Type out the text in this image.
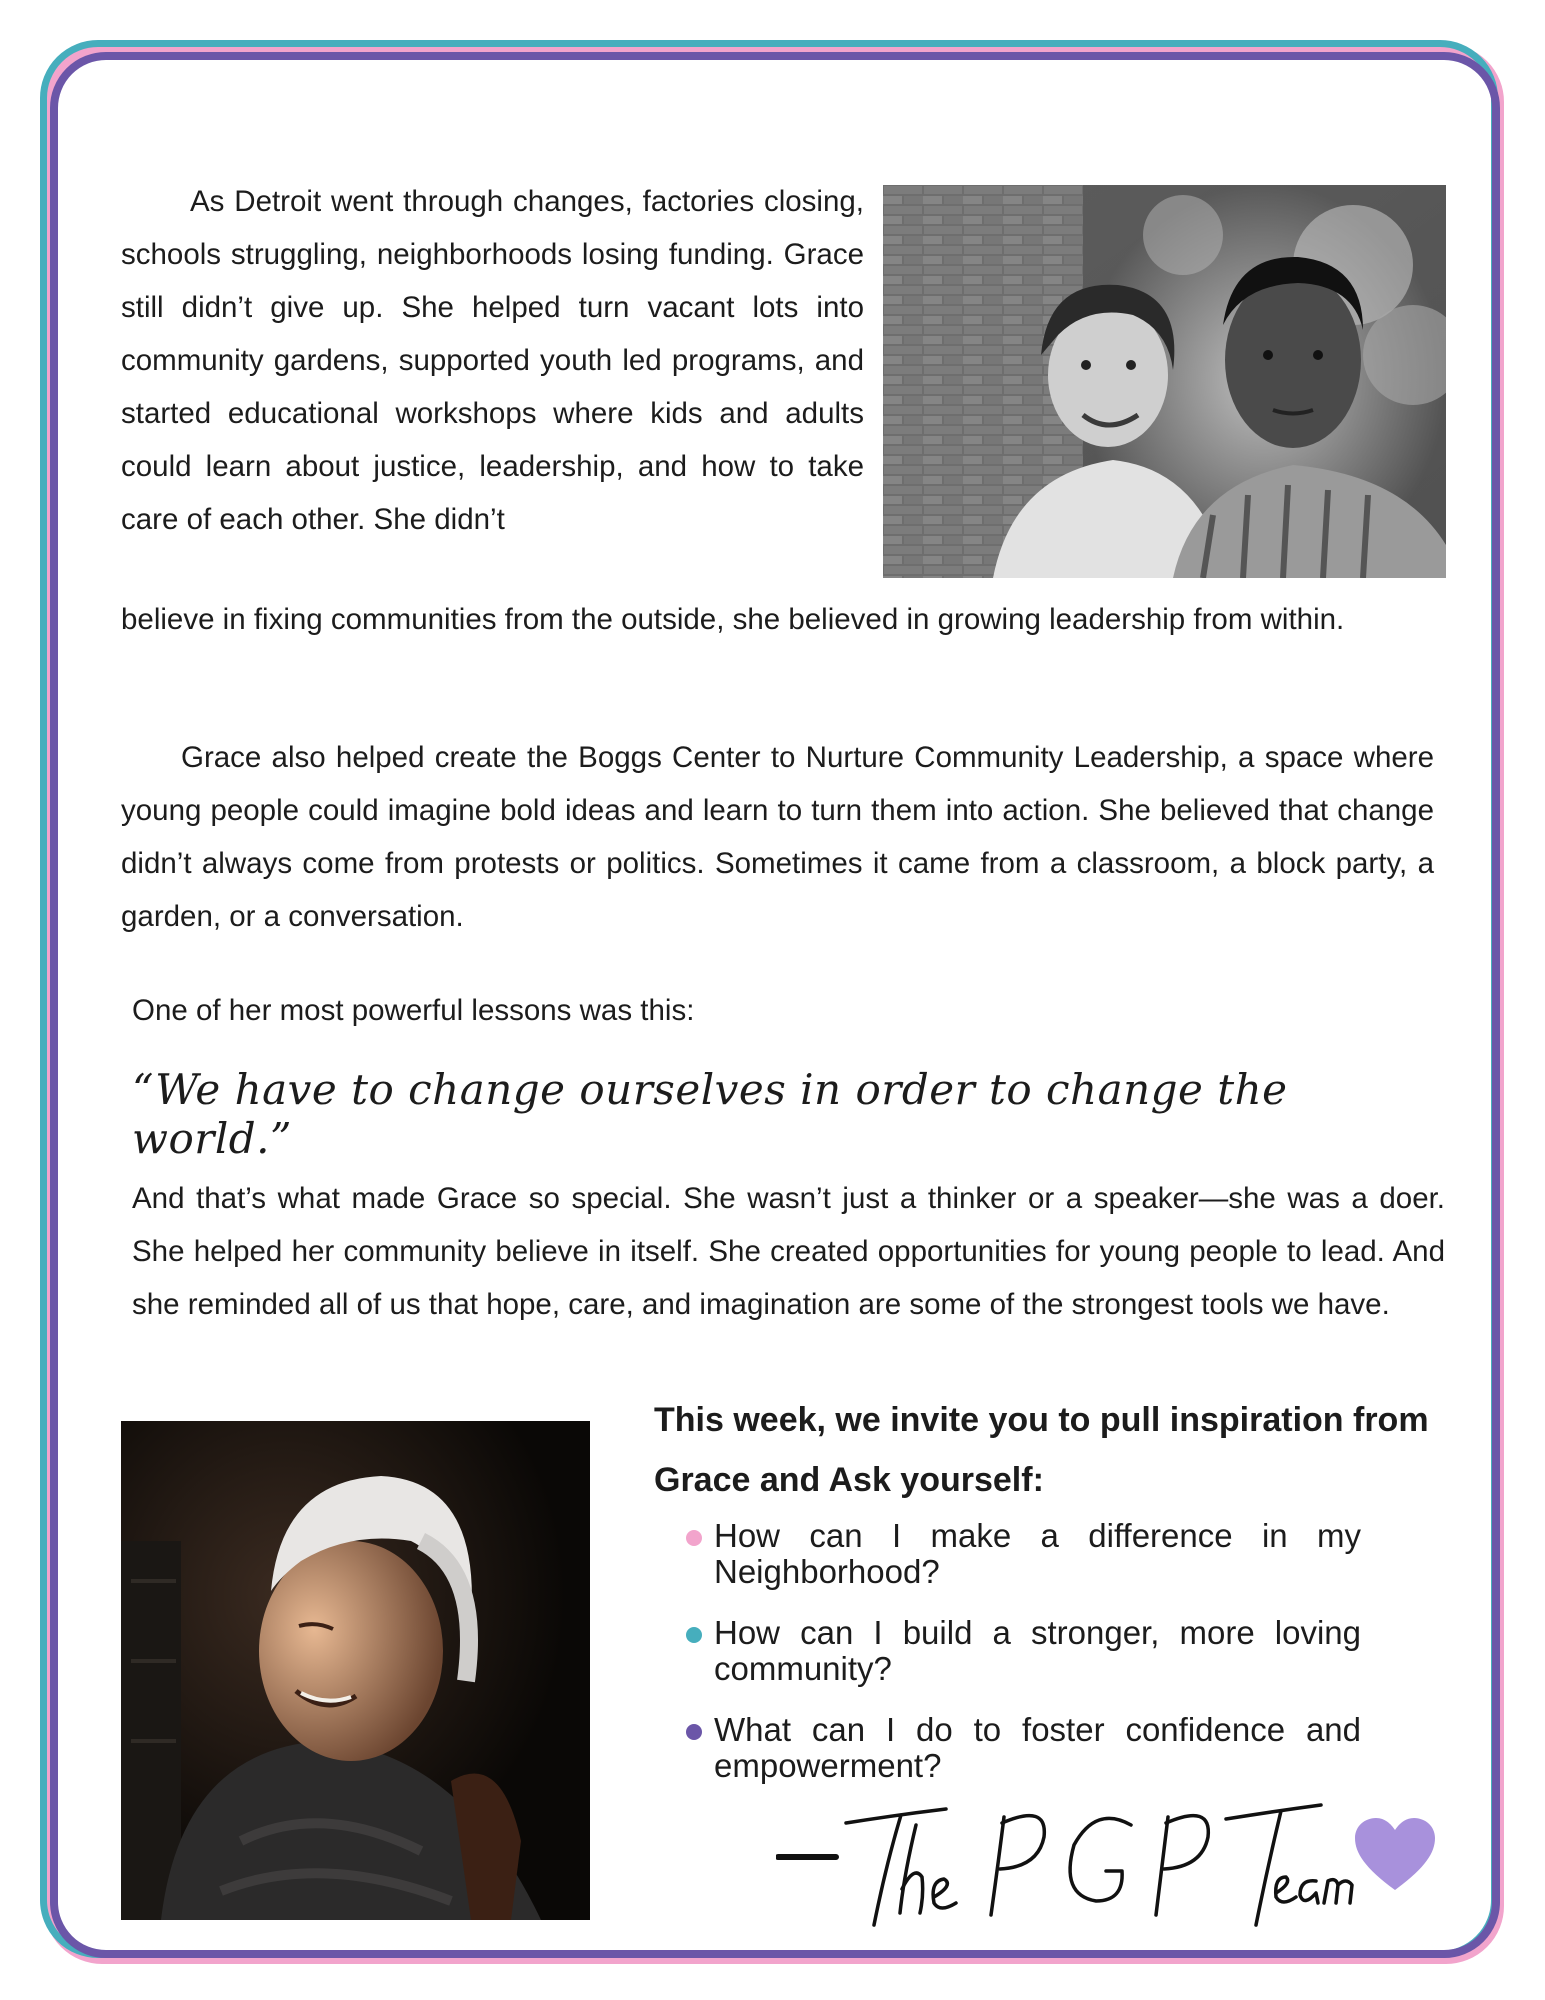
As Detroit went through changes, factories closing, schools struggling, neighborhoods losing funding. Grace still didn’t give up. She helped turn vacant lots into community gardens, supported youth led programs, and started educational workshops where kids and adults could learn about justice, leadership, and how to take care of each other. She didn’t

believe in fixing communities from the outside, she believed in growing leadership from within.

Grace also helped create the Boggs Center to Nurture Community Leadership, a space where young people could imagine bold ideas and learn to turn them into action. She believed that change didn’t always come from protests or politics. Sometimes it came from a classroom, a block party, a garden, or a conversation.

One of her most powerful lessons was this:

“We have to change ourselves in order to change the world.”

And that’s what made Grace so special. She wasn’t just a thinker or a speaker—she was a doer. She helped her community believe in itself. She created opportunities for young people to lead. And she reminded all of us that hope, care, and imagination are some of the strongest tools we have.

This week, we invite you to pull inspiration from Grace and Ask yourself:

How can I make a difference in my Neighborhood?
How can I build a stronger, more loving community?
What can I do to foster confidence and empowerment?
